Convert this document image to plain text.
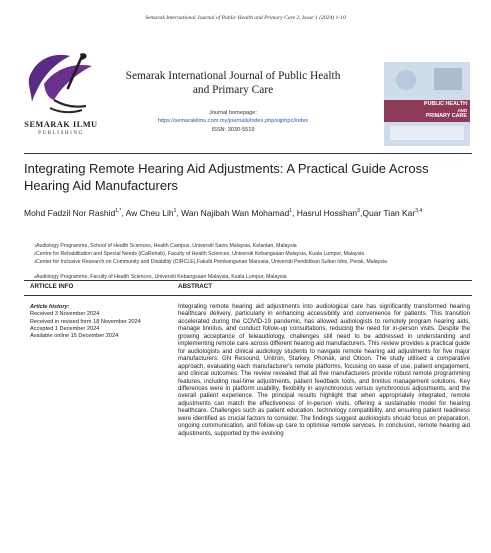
Semarak International Journal of Public Health and Primary Care 2, Issue 1 (2024) 1-10
SEMARAK ILMU
PUBLISHING
Semarak International Journal of Public Health and Primary Care
Journal homepage:
https://semarakilmu.com.my/journals/index.php/sijphpc/index
ISSN: 3030-5519
PUBLIC HEALTH
AND
PRIMARY CARE
Integrating Remote Hearing Aid Adjustments: A Practical Guide Across Hearing Aid Manufacturers
Mohd Fadzil Nor Rashid$^{1,*}$, Aw Cheu Lih$^1$, Wan Najibah Wan Mohamad$^1$, Hasrul Hosshan$^3$,Quar Tian Kar$^{3,4}$
1 Audiology Programme, School of Health Sciences, Health Campus, Universiti Sains Malaysia, Kelantan, Malaysia
2 Centre for Rehabilitation and Special Needs (iCaRehab), Faculty of Health Sciences, Universiti Kebangsaan Malaysia, Kuala Lumpur, Malaysia
3 Center for Inclusive Research on Community and Disability (CIRCLE),Fakulti Pembangunan Manusia, Universiti Pendidikan Sultan Idris, Perak, Malaysia
4 Audiology Programme, Faculty of Health Sciences, Universiti Kebangsaan Malaysia, Kuala Lumpur, Malaysia
ARTICLE INFO	ABSTRACT
Article history:
Received 3 November 2024
Received in revised form 18 November 2024
Accepted 1 December 2024
Available online 15 December 2024
Integrating remote hearing aid adjustments into audiological care has significantly transformed hearing healthcare delivery, particularly in enhancing accessibility and convenience for patients. This transition accelerated during the COVID-19 pandemic, has allowed audiologists to remotely program hearing aids, manage tinnitus, and conduct follow-up consultations, reducing the need for in-person visits. Despite the growing acceptance of teleaudiology, challenges still need to be addressed in understanding and implementing remote care across different hearing aid manufacturers. This review provides a practical guide for audiologists and clinical audiology students to navigate remote hearing aid adjustments for five major manufacturers: GN Resound, Unitron, Starkey, Phonak, and Oticon. The study utilised a comparative approach, evaluating each manufacturer's remote platforms, focusing on ease of use, patient engagement, and clinical outcomes. The review revealed that all five manufacturers provide robust remote programming features, including real-time adjustments, patient feedback tools, and tinnitus management solutions. Key differences were in platform usability, flexibility in asynchronous versus synchronous adjustments, and the overall patient experience. The principal results highlight that when appropriately integrated, remote adjustments can match the effectiveness of in-person visits, offering a sustainable model for hearing healthcare. Challenges such as patient education, technology compatibility, and ensuring patient readiness were identified as crucial factors to consider. The findings suggest audiologists should focus on preparation, ongoing communication, and follow-up care to optimise remote services. In conclusion, remote hearing aid adjustments, supported by the evolving
